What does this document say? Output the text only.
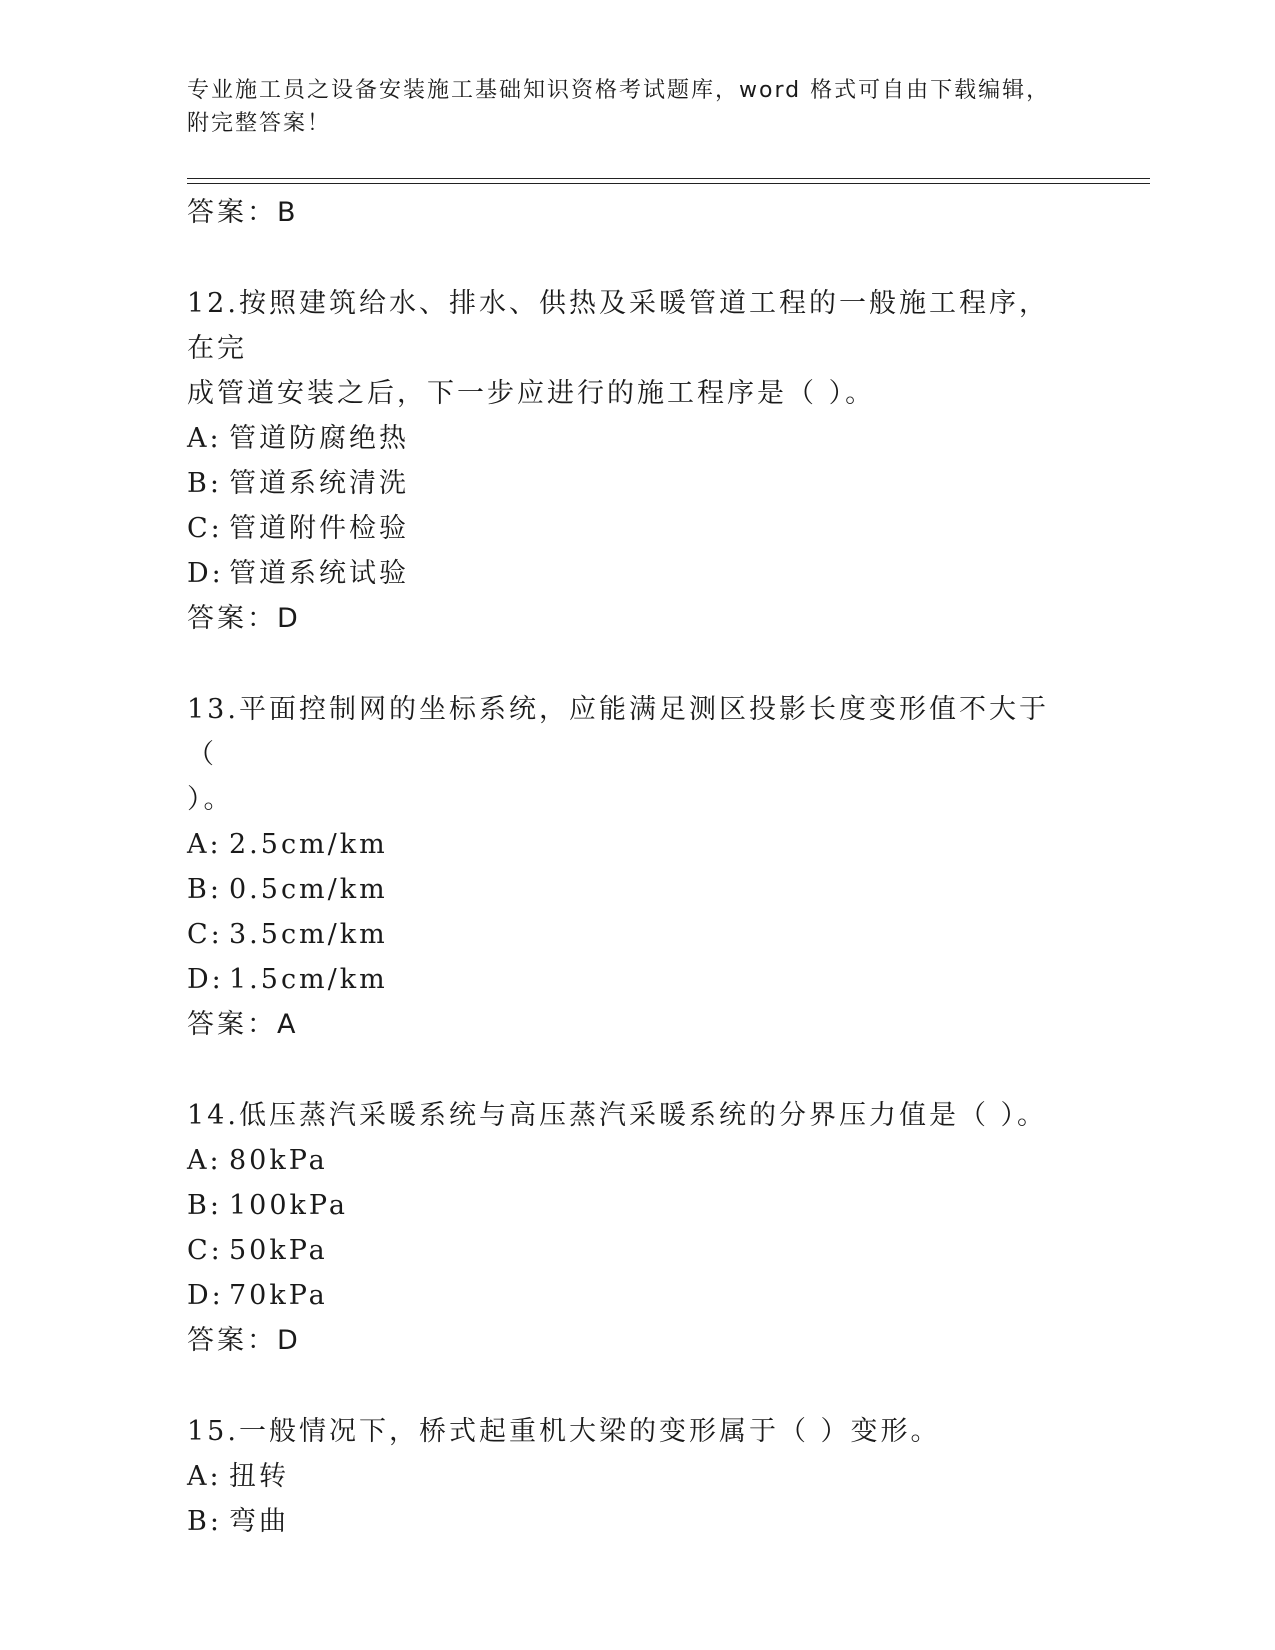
专业施工员之设备安装施工基础知识资格考试题库，word 格式可自由下载编辑，
附完整答案！
答案：B
12.按照建筑给水、排水、供热及采暖管道工程的一般施工程序，在完
成管道安装之后，下一步应进行的施工程序是（ ）。
A: 管道防腐绝热
B: 管道系统清洗
C: 管道附件检验
D: 管道系统试验
答案：D
13.平面控制网的坐标系统，应能满足测区投影长度变形值不大于（
）。
A: 2.5cm/km
B: 0.5cm/km
C: 3.5cm/km
D: 1.5cm/km
答案：A
14.低压蒸汽采暖系统与高压蒸汽采暖系统的分界压力值是（ ）。
A: 80kPa
B: 100kPa
C: 50kPa
D: 70kPa
答案：D
15.一般情况下，桥式起重机大梁的变形属于（ ）变形。
A: 扭转
B: 弯曲
